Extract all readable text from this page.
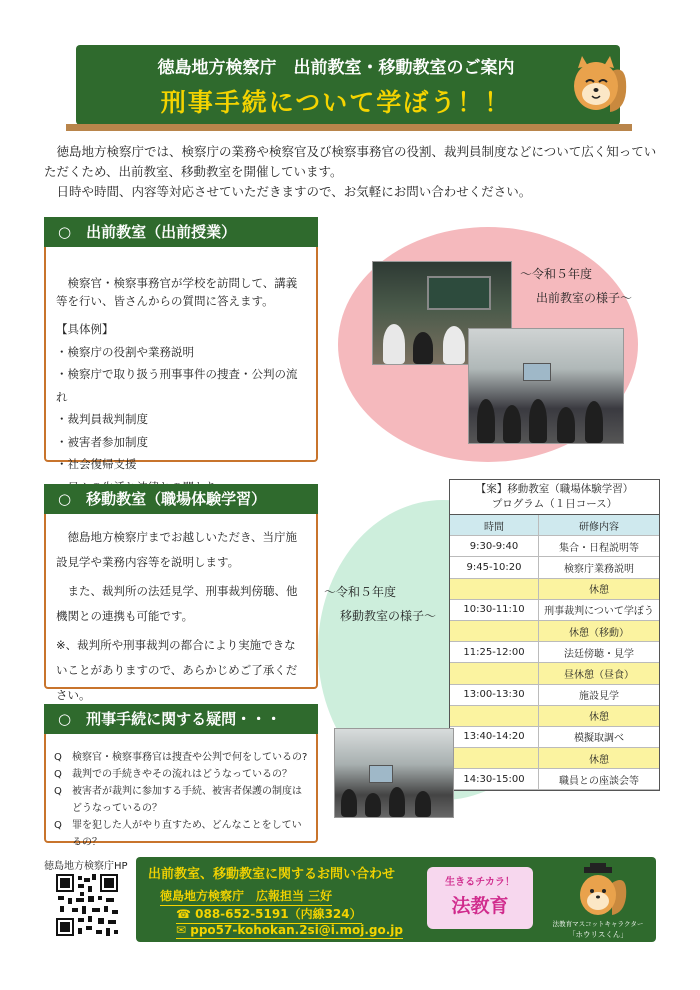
徳島地方検察庁　出前教室・移動教室のご案内
刑事手続について学ぼう！！

徳島地方検察庁では、検察庁の業務や検察官及び検察事務官の役割、裁判員制度などについて広く知っていただくため、出前教室、移動教室を開催しています。

日時や時間、内容等対応させていただきますので、お気軽にお問い合わせください。

検察官・検察事務官が学校を訪問して、講義等を行い、皆さんからの質問に答えます。
【具体例】
・検察庁の役割や業務説明
・検察庁で取り扱う刑事事件の捜査・公判の流れ
・裁判員裁判制度
・被害者参加制度
・社会復帰支援
○　出前教室（出前授業）
～令和５年度
出前教室の様子～
徳島地方検察庁までお越しいただき、当庁施設見学や業務内容等を説明します。
また、裁判所の法廷見学、刑事裁判傍聴、他機関との連携も可能です。
※、裁判所や刑事裁判の都合により実施できないことがありますので、あらかじめご了承ください。
○　移動教室（職場体験学習）
～令和５年度
移動教室の様子～
【案】移動教室（職場体験学習）
プログラム（１日コース）
時間	研修内容
9:30-9:40	集合・日程説明等
9:45-10:20	検察庁業務説明
	休憩
10:30-11:10	刑事裁判について学ぼう
	休憩（移動）
11:25-12:00	法廷傍聴・見学
	昼休憩（昼食）
13:00-13:30	施設見学
	休憩
13:40-14:20	模擬取調べ
	休憩
14:30-15:00	職員との座談会等
Q	検察官・検察事務官は捜査や公判で何をしているの?
Q	裁判での手続きやその流れはどうなっているの？
Q	被害者が裁判に参加する手続、被害者保護の制度はどうなっているの？
Q	罪を犯した人がやり直すため、どんなことをしているの？
○　刑事手続に関する疑問・・・
徳島地方検察庁HP
出前教室、移動教室に関するお問い合わせ
徳島地方検察庁　広報担当 三好
☎ 088-652-5191（内線324）
✉ ppo57-kohokan.2si@i.moj.go.jp
生きるチカラ！
法教育
法教育マスコットキャラクター
「ホウリスくん」
